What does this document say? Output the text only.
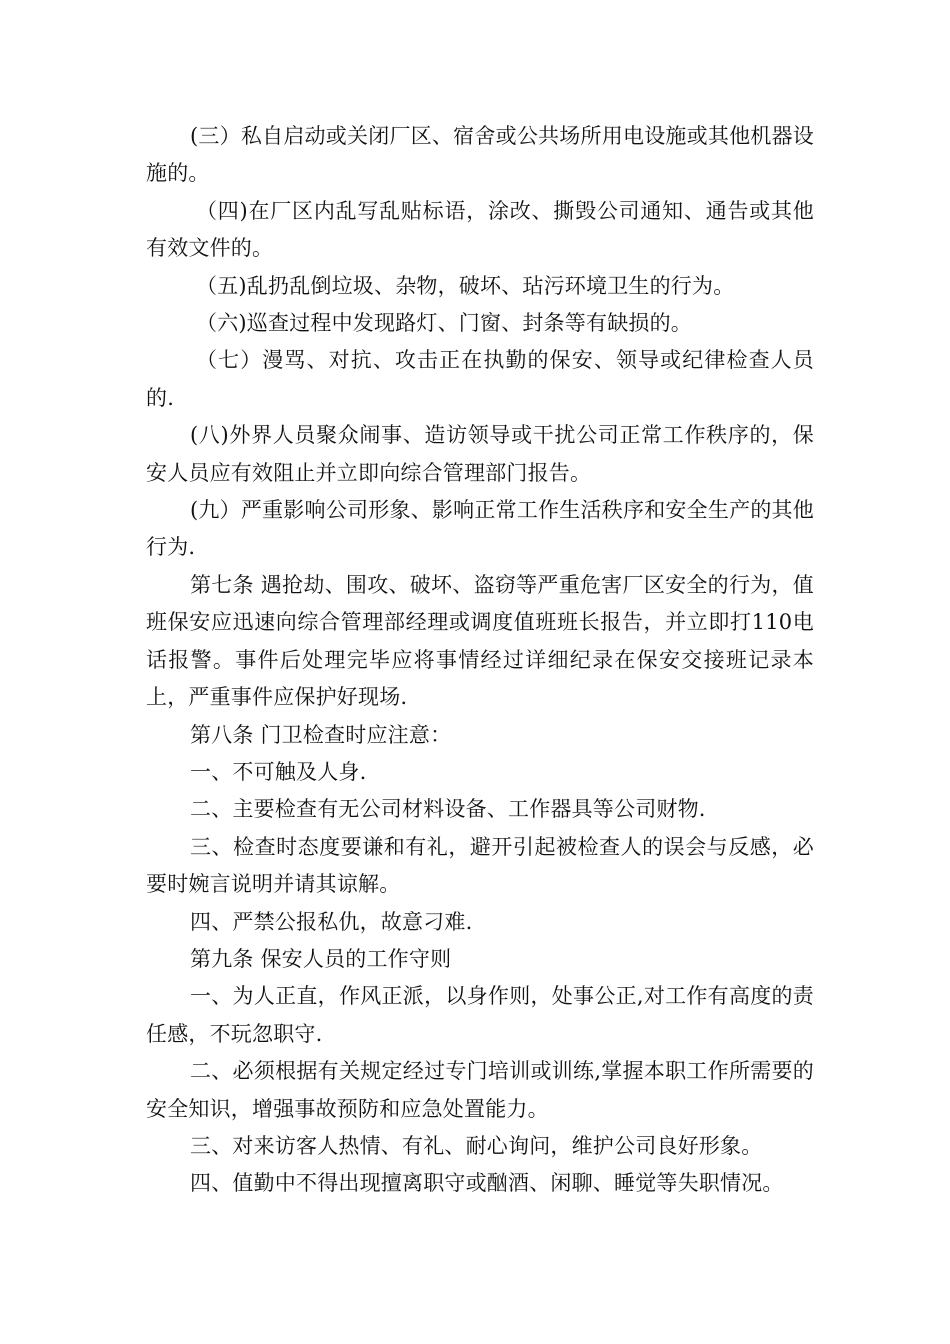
(三）私自启动或关闭厂区、宿舍或公共场所用电设施或其他机器设施的。

（四)在厂区内乱写乱贴标语，涂改、撕毁公司通知、通告或其他有效文件的。

（五)乱扔乱倒垃圾、杂物，破坏、玷污环境卫生的行为。

（六)巡查过程中发现路灯、门窗、封条等有缺损的。

（七）漫骂、对抗、攻击正在执勤的保安、领导或纪律检查人员的.

(八)外界人员聚众闹事、造访领导或干扰公司正常工作秩序的，保安人员应有效阻止并立即向综合管理部门报告。

(九）严重影响公司形象、影响正常工作生活秩序和安全生产的其他行为.

第七条 遇抢劫、围攻、破坏、盗窃等严重危害厂区安全的行为，值班保安应迅速向综合管理部经理或调度值班班长报告，并立即打110电话报警。事件后处理完毕应将事情经过详细纪录在保安交接班记录本上，严重事件应保护好现场.

第八条 门卫检查时应注意：

一、不可触及人身.

二、主要检查有无公司材料设备、工作器具等公司财物.

三、检查时态度要谦和有礼，避开引起被检查人的误会与反感，必要时婉言说明并请其谅解。

四、严禁公报私仇，故意刁难.

第九条 保安人员的工作守则

一、为人正直，作风正派，以身作则，处事公正,对工作有高度的责任感，不玩忽职守.

二、必须根据有关规定经过专门培训或训练,掌握本职工作所需要的安全知识，增强事故预防和应急处置能力。

三、对来访客人热情、有礼、耐心询问，维护公司良好形象。

四、值勤中不得出现擅离职守或酗酒、闲聊、睡觉等失职情况。
